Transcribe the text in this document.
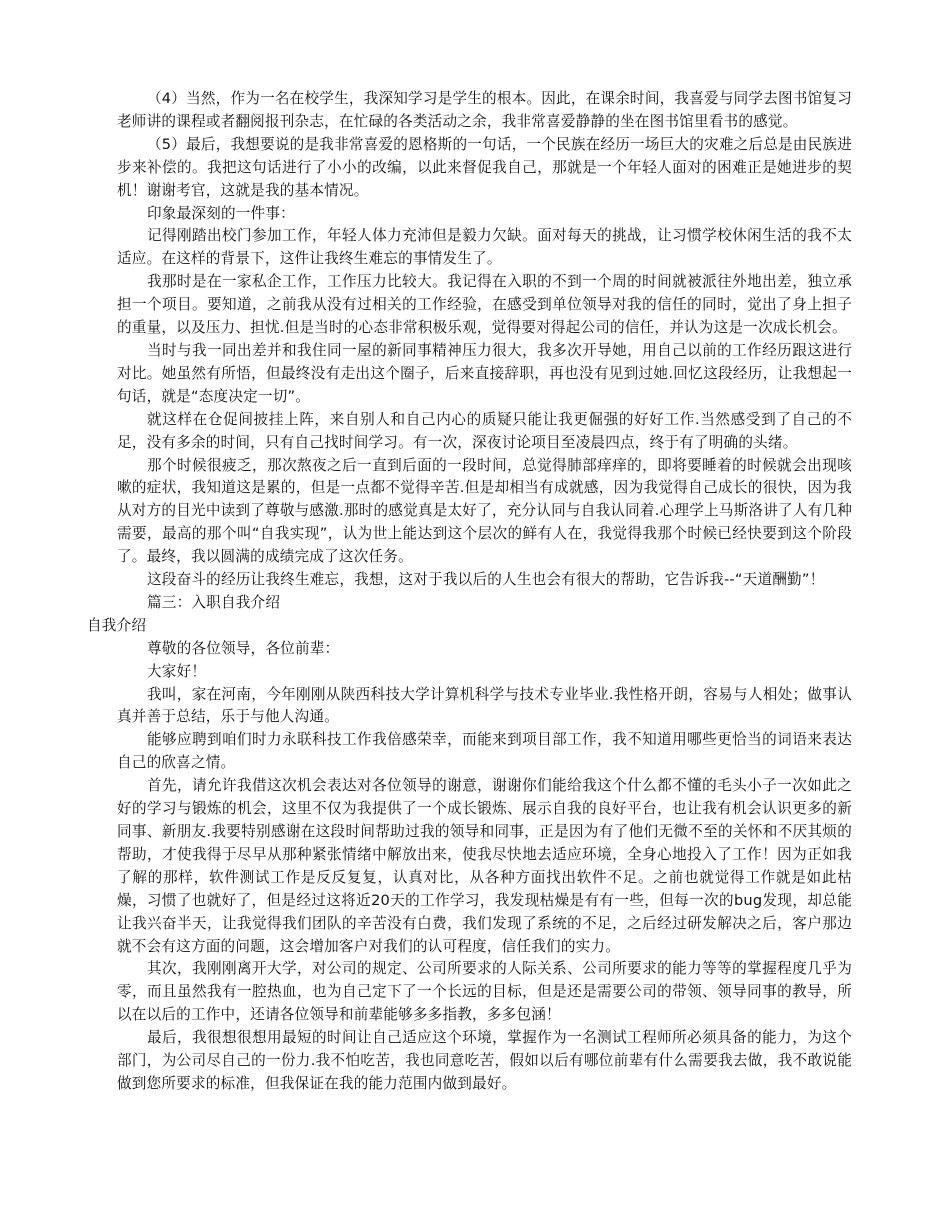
（4）当然，作为一名在校学生，我深知学习是学生的根本。因此，在课余时间，我喜爱与同学去图书馆复习老师讲的课程或者翻阅报刊杂志，在忙碌的各类活动之余，我非常喜爱静静的坐在图书馆里看书的感觉。

（5）最后，我想要说的是我非常喜爱的恩格斯的一句话，一个民族在经历一场巨大的灾难之后总是由民族进步来补偿的。我把这句话进行了小小的改编，以此来督促我自己，那就是一个年轻人面对的困难正是她进步的契机！谢谢考官，这就是我的基本情况。

印象最深刻的一件事：

记得刚踏出校门参加工作，年轻人体力充沛但是毅力欠缺。面对每天的挑战，让习惯学校休闲生活的我不太适应。在这样的背景下，这件让我终生难忘的事情发生了。

我那时是在一家私企工作，工作压力比较大。我记得在入职的不到一个周的时间就被派往外地出差，独立承担一个项目。要知道，之前我从没有过相关的工作经验，在感受到单位领导对我的信任的同时，觉出了身上担子的重量，以及压力、担忧.但是当时的心态非常积极乐观，觉得要对得起公司的信任，并认为这是一次成长机会。

当时与我一同出差并和我住同一屋的新同事精神压力很大，我多次开导她，用自己以前的工作经历跟这进行对比。她虽然有所悟，但最终没有走出这个圈子，后来直接辞职，再也没有见到过她.回忆这段经历，让我想起一句话，就是“态度决定一切”。

就这样在仓促间披挂上阵，来自别人和自己内心的质疑只能让我更倔强的好好工作.当然感受到了自己的不足，没有多余的时间，只有自己找时间学习。有一次，深夜讨论项目至凌晨四点，终于有了明确的头绪。

那个时候很疲乏，那次熬夜之后一直到后面的一段时间，总觉得肺部痒痒的，即将要睡着的时候就会出现咳嗽的症状，我知道这是累的，但是一点都不觉得辛苦.但是却相当有成就感，因为我觉得自己成长的很快，因为我从对方的目光中读到了尊敬与感激.那时的感觉真是太好了，充分认同与自我认同着.心理学上马斯洛讲了人有几种需要，最高的那个叫“自我实现”，认为世上能达到这个层次的鲜有人在，我觉得我那个时候已经快要到这个阶段了。最终，我以圆满的成绩完成了这次任务。

这段奋斗的经历让我终生难忘，我想，这对于我以后的人生也会有很大的帮助，它告诉我--“天道酬勤”！

篇三：入职自我介绍

自我介绍

尊敬的各位领导，各位前辈：

大家好！

我叫，家在河南，今年刚刚从陕西科技大学计算机科学与技术专业毕业.我性格开朗，容易与人相处；做事认真并善于总结，乐于与他人沟通。

能够应聘到咱们时力永联科技工作我倍感荣幸，而能来到项目部工作，我不知道用哪些更恰当的词语来表达自己的欣喜之情。

首先，请允许我借这次机会表达对各位领导的谢意，谢谢你们能给我这个什么都不懂的毛头小子一次如此之好的学习与锻炼的机会，这里不仅为我提供了一个成长锻炼、展示自我的良好平台，也让我有机会认识更多的新同事、新朋友.我要特别感谢在这段时间帮助过我的领导和同事，正是因为有了他们无微不至的关怀和不厌其烦的帮助，才使我得于尽早从那种紧张情绪中解放出来，使我尽快地去适应环境，全身心地投入了工作！因为正如我了解的那样，软件测试工作是反反复复，认真对比，从各种方面找出软件不足。之前也就觉得工作就是如此枯燥，习惯了也就好了，但是经过这将近20天的工作学习，我发现枯燥是有有一些，但每一次的bug发现，却总能让我兴奋半天，让我觉得我们团队的辛苦没有白费，我们发现了系统的不足，之后经过研发解决之后，客户那边就不会有这方面的问题，这会增加客户对我们的认可程度，信任我们的实力。

其次，我刚刚离开大学，对公司的规定、公司所要求的人际关系、公司所要求的能力等等的掌握程度几乎为零，而且虽然我有一腔热血，也为自己定下了一个长远的目标，但是还是需要公司的带领、领导同事的教导，所以在以后的工作中，还请各位领导和前辈能够多多指教，多多包涵！

最后，我很想很想用最短的时间让自己适应这个环境，掌握作为一名测试工程师所必须具备的能力，为这个部门，为公司尽自己的一份力.我不怕吃苦，我也同意吃苦，假如以后有哪位前辈有什么需要我去做，我不敢说能做到您所要求的标准，但我保证在我的能力范围内做到最好。
